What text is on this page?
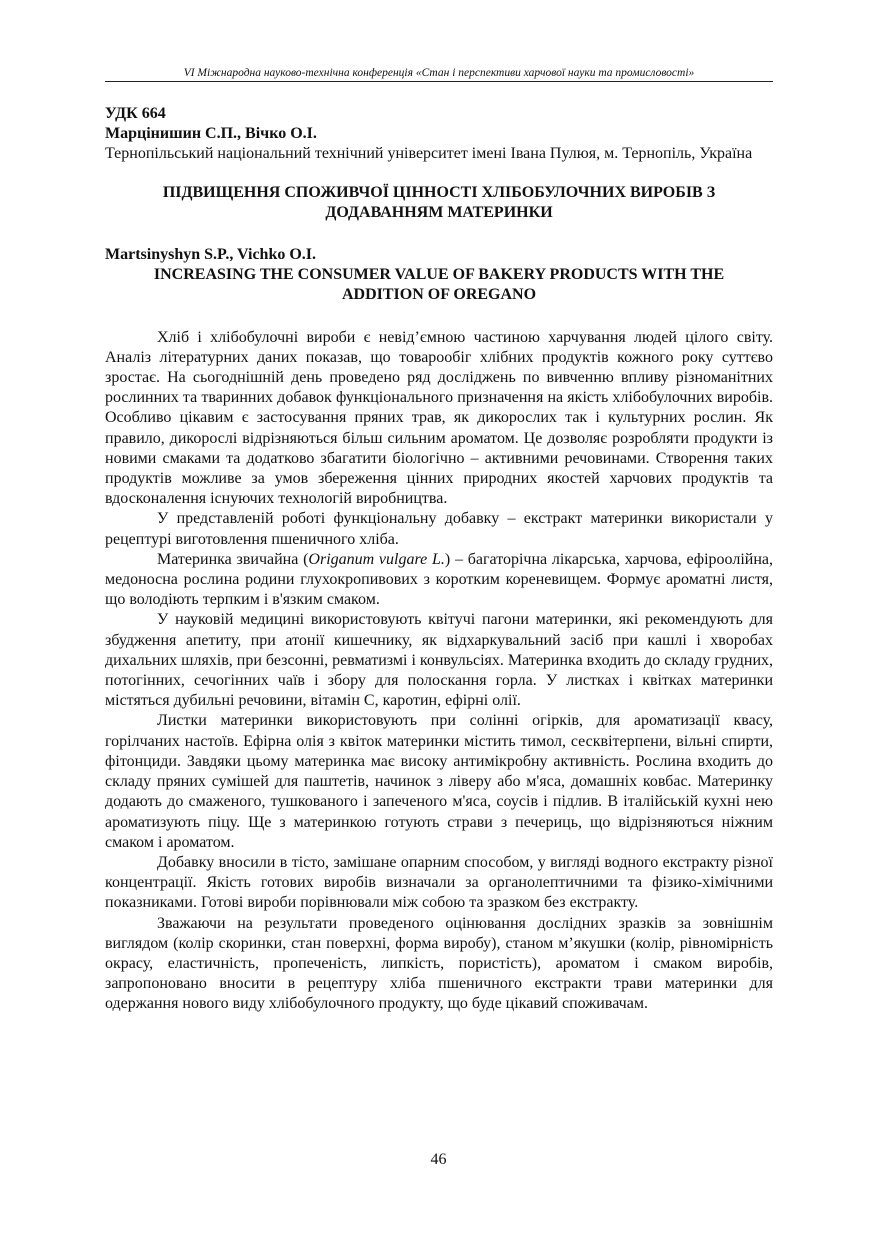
VI Міжнародна науково-технічна конференція «Стан і перспективи харчової науки та промисловості»

УДК 664

Марцінишин С.П., Вічко О.І.

Тернопільський національний технічний університет імені Івана Пулюя, м. Тернопіль, Україна

ПІДВИЩЕННЯ СПОЖИВЧОЇ ЦІННОСТІ ХЛІБОБУЛОЧНИХ ВИРОБІВ З ДОДАВАННЯМ МАТЕРИНКИ

Martsinyshyn S.P., Vichko O.I.

INCREASING THE CONSUMER VALUE OF BAKERY PRODUCTS WITH THE ADDITION OF OREGANO

Хліб і хлібобулочні вироби є невід’ємною частиною харчування людей цілого світу. Аналіз літературних даних показав, що товарообіг хлібних продуктів кожного року суттєво зростає. На сьогоднішній день проведено ряд досліджень по вивченню впливу різноманітних рослинних та тваринних добавок функціонального призначення на якість хлібобулочних виробів. Особливо цікавим є застосування пряних трав, як дикорослих так і культурних рослин. Як правило, дикорослі відрізняються більш сильним ароматом. Це дозволяє розробляти продукти із новими смаками та додатково збагатити біологічно – активними речовинами. Створення таких продуктів можливе за умов збереження цінних природних якостей харчових продуктів та вдосконалення існуючих технологій виробництва.

У представленій роботі функціональну добавку – екстракт материнки використали у рецептурі виготовлення пшеничного хліба.

Материнка звичайна (Origanum vulgare L.) – багаторічна лікарська, харчова, ефіроолійна, медоносна рослина родини глухокропивових з коротким кореневищем. Формує ароматні листя, що володіють терпким і в'язким смаком.

У науковій медицині використовують квітучі пагони материнки, які рекомендують для збудження апетиту, при атонії кишечнику, як відхаркувальний засіб при кашлі і хворобах дихальних шляхів, при безсонні, ревматизмі і конвульсіях. Материнка входить до складу грудних, потогінних, сечогінних чаїв і збору для полоскання горла. У листках і квітках материнки містяться дубильні речовини, вітамін С, каротин, ефірні олії.

Листки материнки використовують при солінні огірків, для ароматизації квасу, горілчаних настоїв. Ефірна олія з квіток материнки містить тимол, сесквітерпени, вільні спирти, фітонциди. Завдяки цьому материнка має високу антимікробну активність. Рослина входить до складу пряних сумішей для паштетів, начинок з ліверу або м'яса, домашніх ковбас. Материнку додають до смаженого, тушкованого і запеченого м'яса, соусів і підлив. В італійській кухні нею ароматизують піцу. Ще з материнкою готують страви з печериць, що відрізняються ніжним смаком і ароматом.

Добавку вносили в тісто, замішане опарним способом, у вигляді водного екстракту різної концентрації. Якість готових виробів визначали за органолептичними та фізико-хімічними показниками. Готові вироби порівнювали між собою та зразком без екстракту.

Зважаючи на результати проведеного оцінювання дослідних зразків за зовнішнім виглядом (колір скоринки, стан поверхні, форма виробу), станом м’якушки (колір, рівномірність окрасу, еластичність, пропеченість, липкість, пористість), ароматом і смаком виробів, запропоновано вносити в рецептуру хліба пшеничного екстракти трави материнки для одержання нового виду хлібобулочного продукту, що буде цікавий споживачам.

46
